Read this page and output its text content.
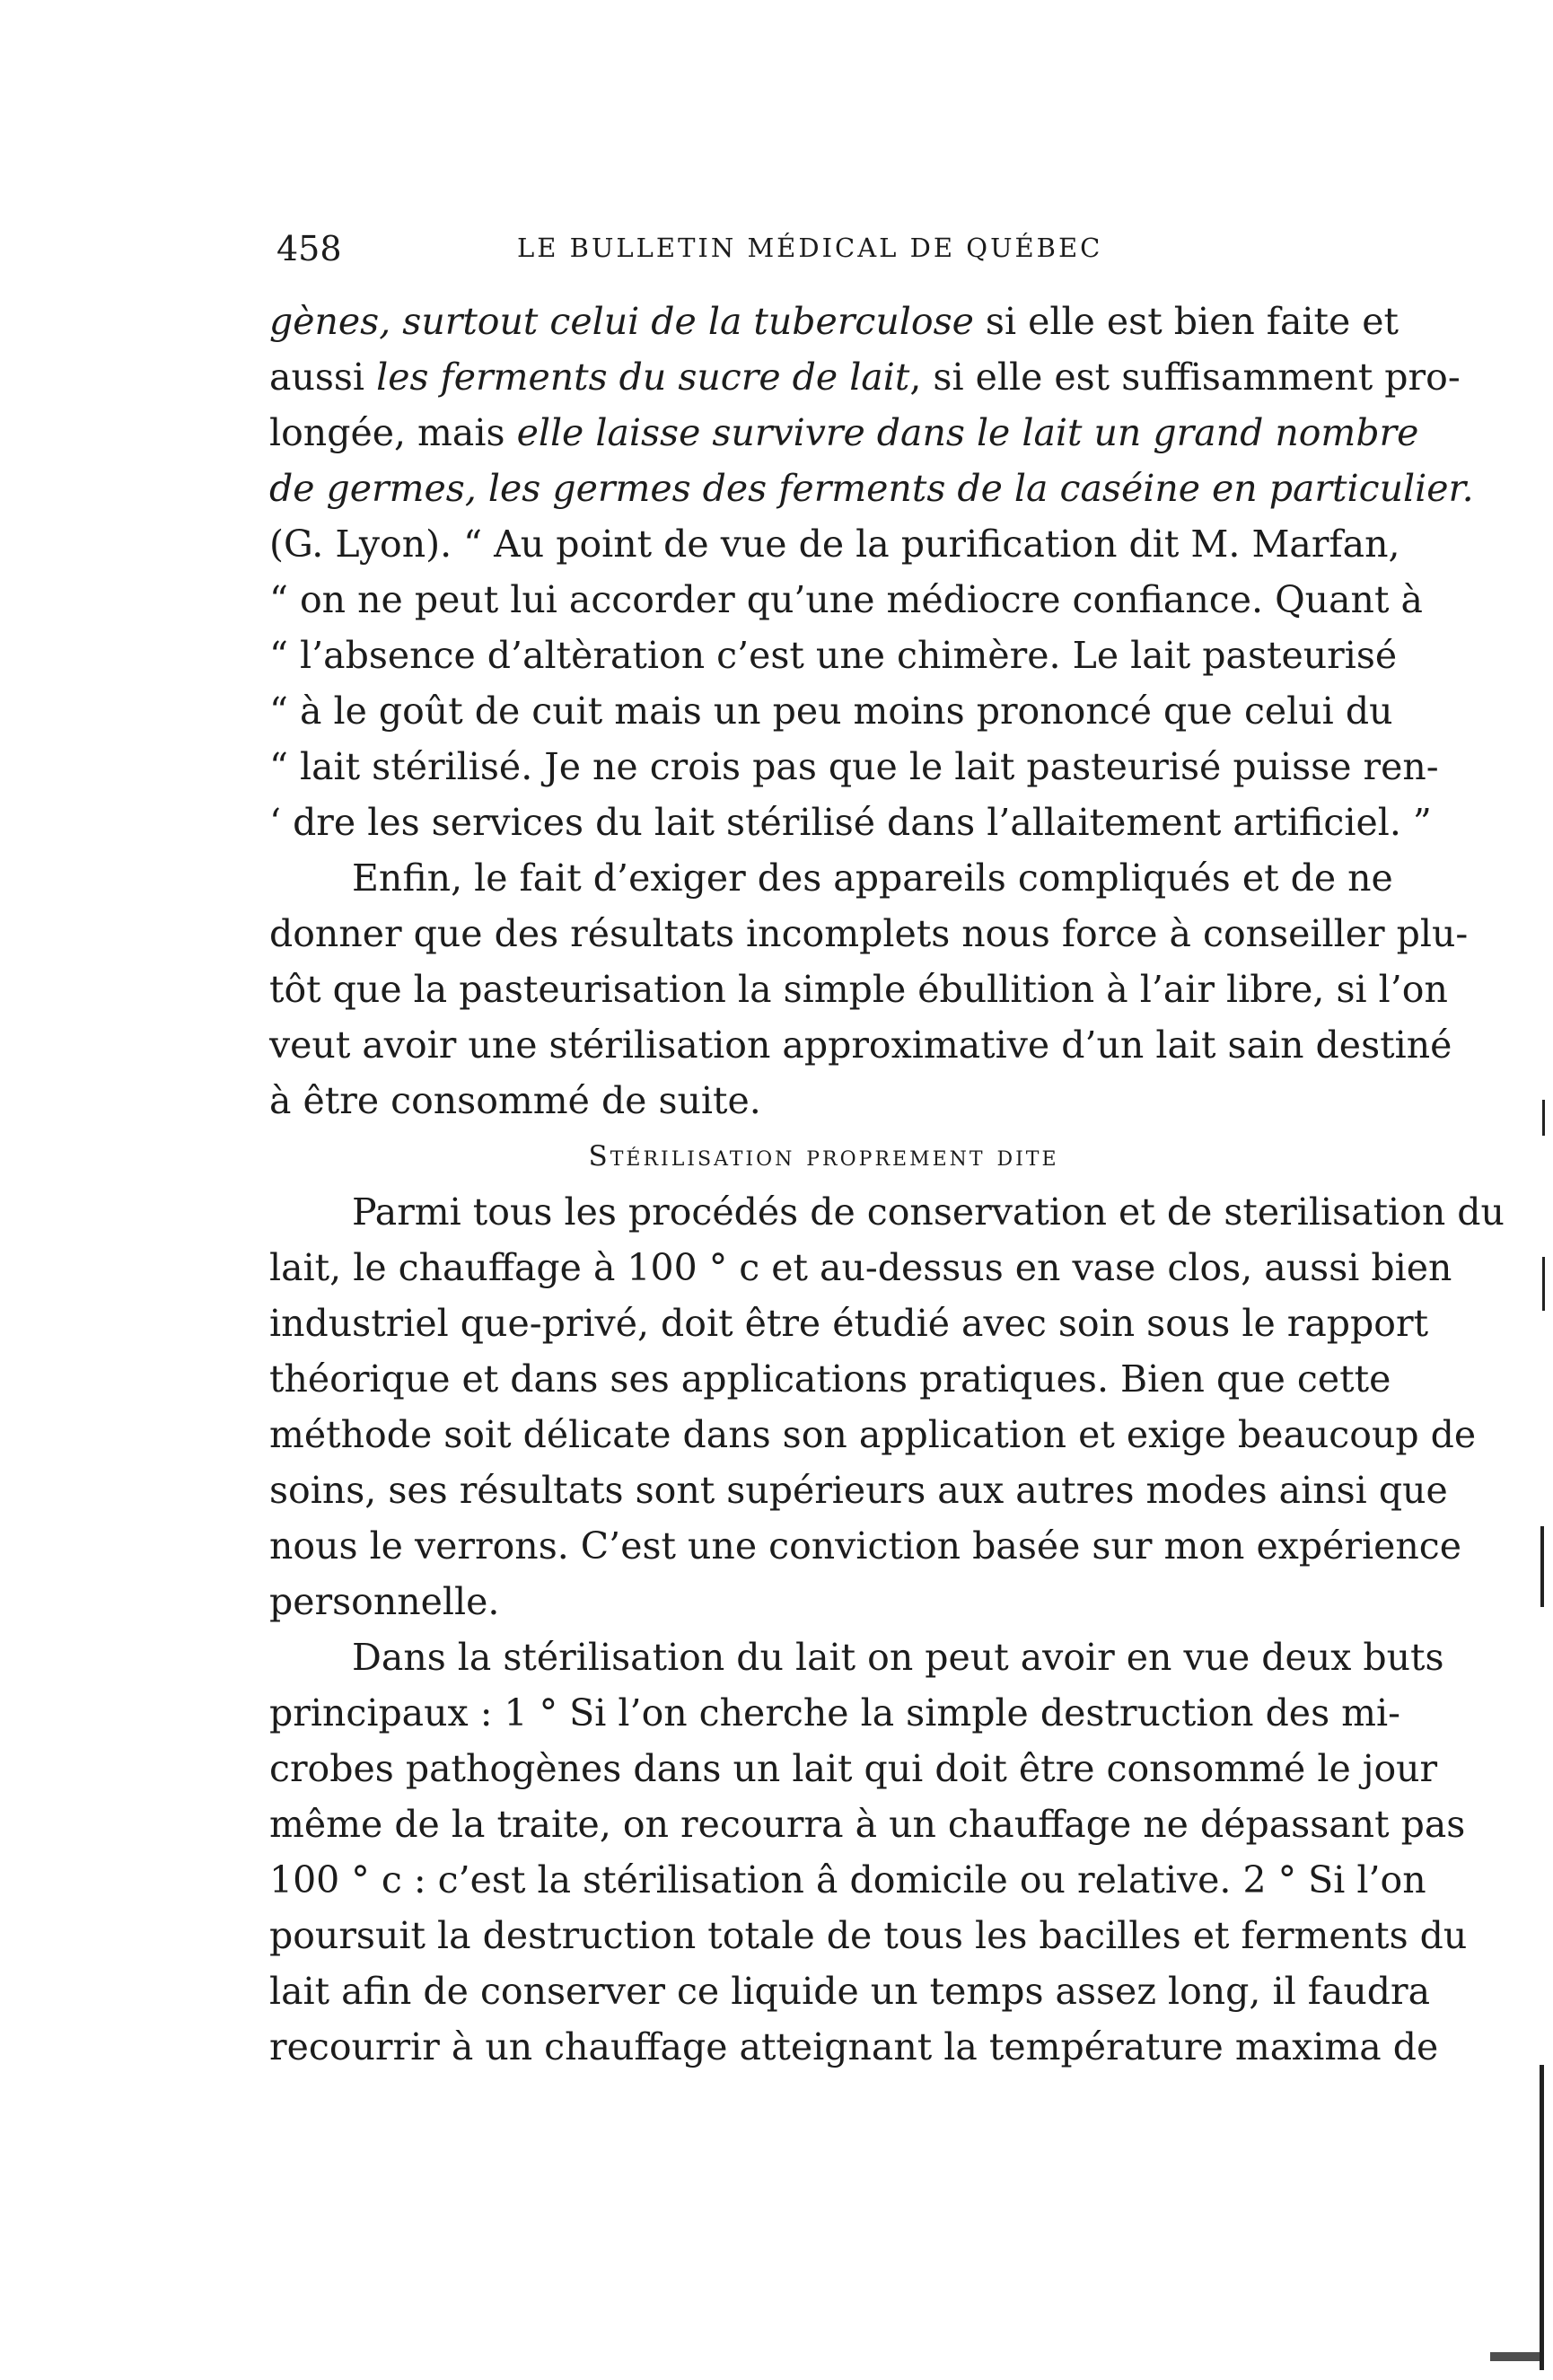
458	LE BULLETIN MÉDICAL DE QUÉBEC
gènes, surtout celui de la tuberculose si elle est bien faite et
aussi les ferments du sucre de lait, si elle est suffisamment pro-
longée, mais elle laisse survivre dans le lait un grand nombre
de germes, les germes des ferments de la caséine en particulier.
(G. Lyon). “ Au point de vue de la purification dit M. Marfan,
“ on ne peut lui accorder qu’une médiocre confiance. Quant à
“ l’absence d’altèration c’est une chimère. Le lait pasteurisé
“ à le goût de cuit mais un peu moins prononcé que celui du
“ lait stérilisé. Je ne crois pas que le lait pasteurisé puisse ren-
‘ dre les services du lait stérilisé dans l’allaitement artificiel. ”
Enfin, le fait d’exiger des appareils compliqués et de ne
donner que des résultats incomplets nous force à conseiller plu-
tôt que la pasteurisation la simple ébullition à l’air libre, si l’on
veut avoir une stérilisation approximative d’un lait sain destiné
à être consommé de suite.
Stérilisation proprement dite
Parmi tous les procédés de conservation et de sterilisation du
lait, le chauffage à 100 ° c et au-dessus en vase clos, aussi bien
industriel que-privé, doit être étudié avec soin sous le rapport
théorique et dans ses applications pratiques. Bien que cette
méthode soit délicate dans son application et exige beaucoup de
soins, ses résultats sont supérieurs aux autres modes ainsi que
nous le verrons. C’est une conviction basée sur mon expérience
personnelle.
Dans la stérilisation du lait on peut avoir en vue deux buts
principaux : 1 ° Si l’on cherche la simple destruction des mi-
crobes pathogènes dans un lait qui doit être consommé le jour
même de la traite, on recourra à un chauffage ne dépassant pas
100 ° c : c’est la stérilisation â domicile ou relative. 2 ° Si l’on
poursuit la destruction totale de tous les bacilles et ferments du
lait afin de conserver ce liquide un temps assez long, il faudra
recourrir à un chauffage atteignant la température maxima de
